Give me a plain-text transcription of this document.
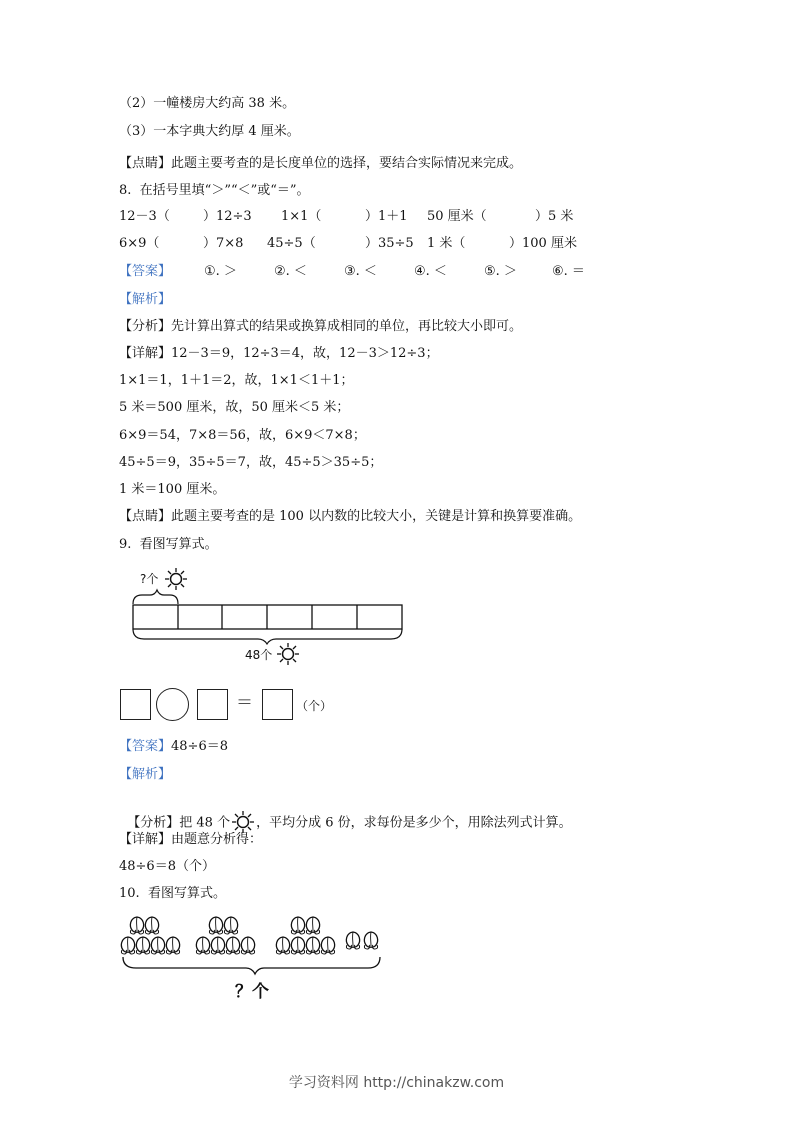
（2）一幢楼房大约高 38 米。
（3）一本字典大约厚 4 厘米。
【点睛】此题主要考查的是长度单位的选择，要结合实际情况来完成。
8.  在括号里填“＞”“＜”或“＝”。
12－3（	）12÷3 1×1（	）1＋1 50 厘米（	）5 米
6×9（	）7×8 45÷5（	）35÷5 1 米（	）100 厘米
【答案】	①. ＞	②. ＜	③. ＜	④. ＜	⑤. ＞	⑥. ＝
【解析】
【分析】先计算出算式的结果或换算成相同的单位，再比较大小即可。
【详解】12－3＝9，12÷3＝4，故，12－3＞12÷3；
1×1＝1，1＋1＝2，故，1×1＜1＋1；
5 米＝500 厘米，故，50 厘米＜5 米；
6×9＝54，7×8＝56，故，6×9＜7×8；
45÷5＝9，35÷5＝7，故，45÷5＞35÷5；
1 米＝100 厘米。
【点睛】此题主要考查的是 100 以内数的比较大小，关键是计算和换算要准确。
9.  看图写算式。
?个
48个
＝	（个）
【答案】48÷6＝8
【解析】

【分析】把 48 个 ，平均分成 6 份，求每份是多少个，用除法列式计算。

【详解】由题意分析得：
48÷6＝8（个）
10.  看图写算式。
？个
学习资料网 http://chinakzw.com
